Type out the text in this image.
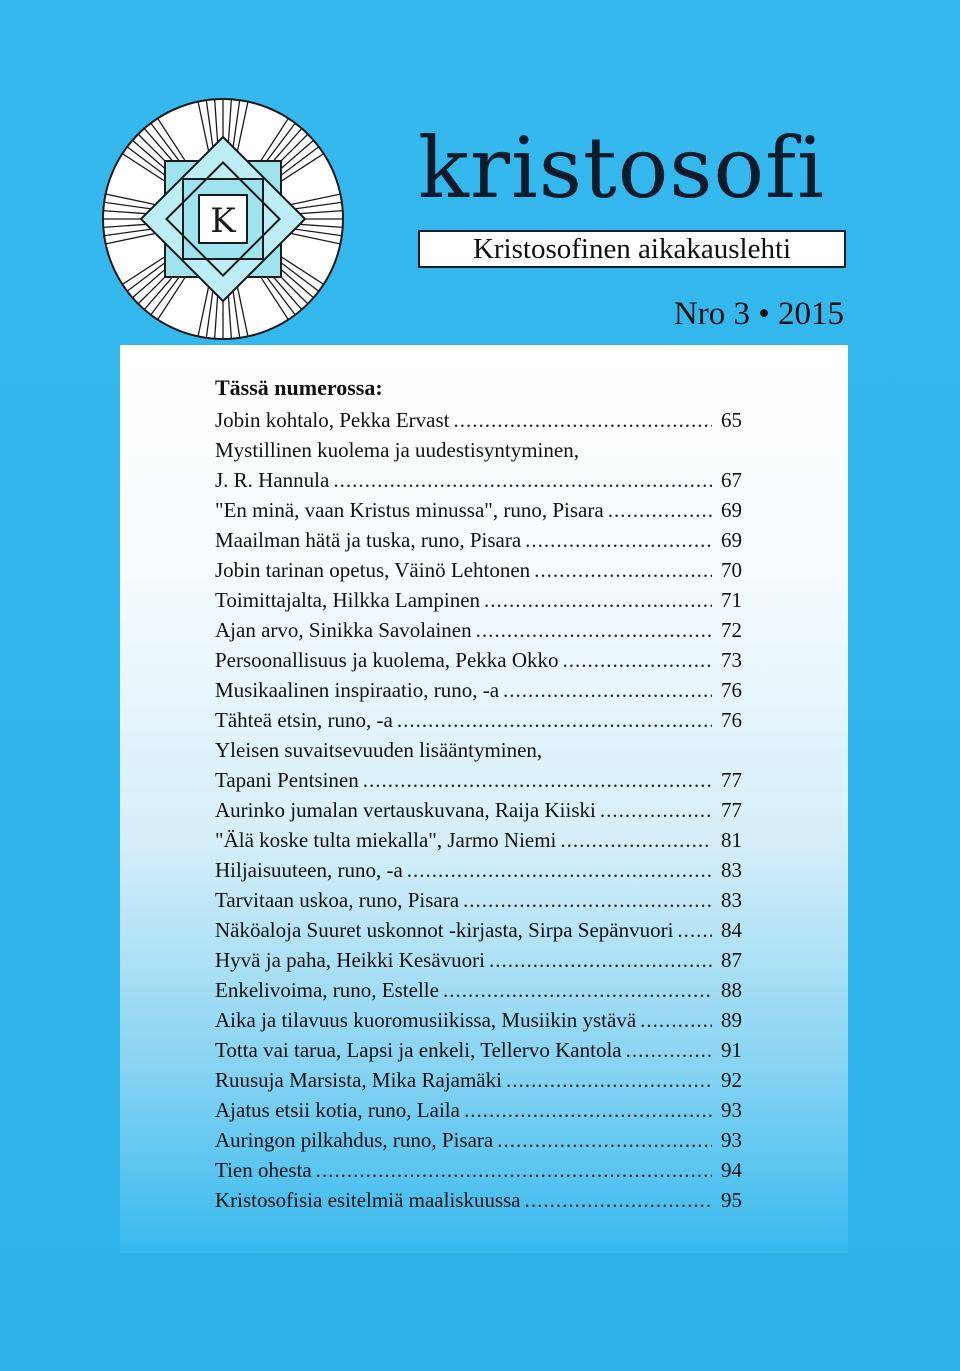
K
kristosofi
Kristosofinen aikakauslehti
Nro 3 • 2015
Tässä numerossa:
Jobin kohtalo, Pekka Ervast .....	65
Mystillinen kuolema ja uudestisyntyminen,
J. R. Hannula .....	67
"En minä, vaan Kristus minussa", runo, Pisara .....	69
Maailman hätä ja tuska, runo, Pisara .....	69
Jobin tarinan opetus, Väinö Lehtonen .....	70
Toimittajalta, Hilkka Lampinen .....	71
Ajan arvo, Sinikka Savolainen .....	72
Persoonallisuus ja kuolema, Pekka Okko .....	73
Musikaalinen inspiraatio, runo, -a .....	76
Tähteä etsin, runo, -a .....	76
Yleisen suvaitsevuuden lisääntyminen,
Tapani Pentsinen .....	77
Aurinko jumalan vertauskuvana, Raija Kiiski .....	77
"Älä koske tulta miekalla", Jarmo Niemi .....	81
Hiljaisuuteen, runo, -a .....	83
Tarvitaan uskoa, runo, Pisara .....	83
Näköaloja Suuret uskonnot -kirjasta, Sirpa Sepänvuori ..... 84
Hyvä ja paha, Heikki Kesävuori .....	87
Enkelivoima, runo, Estelle .....	88
Aika ja tilavuus kuoromusiikissa, Musiikin ystävä .....	89
Totta vai tarua, Lapsi ja enkeli, Tellervo Kantola .....	91
Ruusuja Marsista, Mika Rajamäki .....	92
Ajatus etsii kotia, runo, Laila .....	93
Auringon pilkahdus, runo, Pisara .....	93
Tien ohesta .....	94
Kristosofisia esitelmiä maaliskuussa .....	95
